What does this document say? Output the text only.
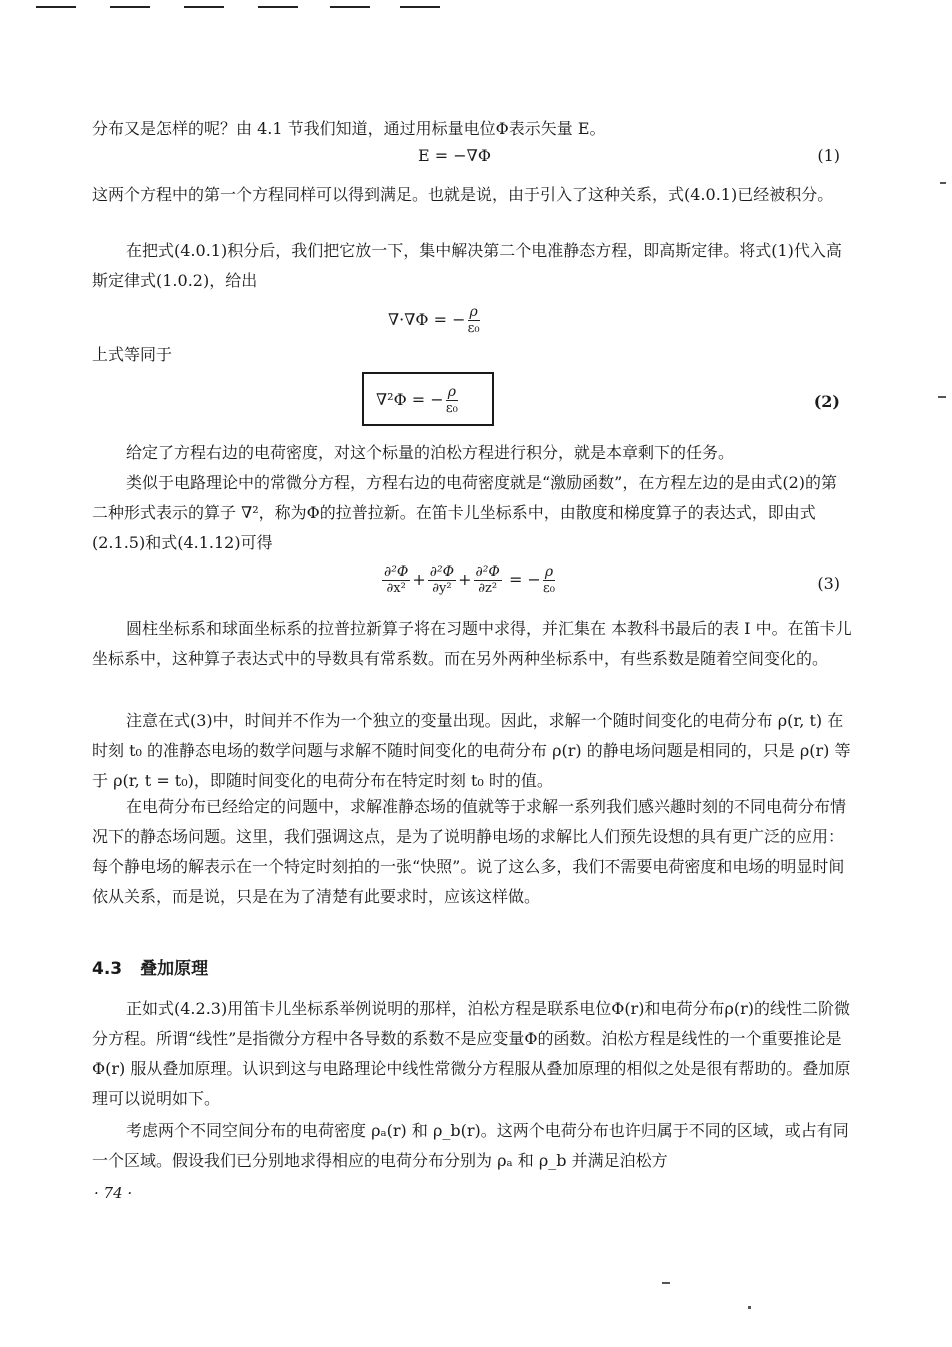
分布又是怎样的呢？由 4.1 节我们知道，通过用标量电位Φ表示矢量 E。

E = −∇Φ	(1)

这两个方程中的第一个方程同样可以得到满足。也就是说，由于引入了这种关系，式(4.0.1)已经被积分。

在把式(4.0.1)积分后，我们把它放一下，集中解决第二个电准静态方程，即高斯定律。将式(1)代入高斯定律式(1.0.2)，给出

∇·∇Φ = − $\frac{\rho}{\text{ε₀}}$

上式等同于

∇²Φ = − $\frac{\rho}{\text{ε₀}}$	(2)

给定了方程右边的电荷密度，对这个标量的泊松方程进行积分，就是本章剩下的任务。

类似于电路理论中的常微分方程，方程右边的电荷密度就是“激励函数”，在方程左边的是由式(2)的第二种形式表示的算子 ∇²，称为Φ的拉普拉新。在笛卡儿坐标系中，由散度和梯度算子的表达式，即由式(2.1.5)和式(4.1.12)可得

$\frac{\text{∂²Φ}}{\text{∂x²}} + \frac{\text{∂²Φ}}{\text{∂y²}} + \frac{\text{∂²Φ}}{\text{∂z²}}$ = − $\frac{\rho}{\text{ε₀}}$	(3)

圆柱坐标系和球面坐标系的拉普拉新算子将在习题中求得，并汇集在 本教科书最后的表 I 中。在笛卡儿坐标系中，这种算子表达式中的导数具有常系数。而在另外两种坐标系中，有些系数是随着空间变化的。

注意在式(3)中，时间并不作为一个独立的变量出现。因此，求解一个随时间变化的电荷分布 ρ(r, t) 在时刻 t₀ 的准静态电场的数学问题与求解不随时间变化的电荷分布 ρ(r) 的静电场问题是相同的，只是 ρ(r) 等于 ρ(r, t = t₀)，即随时间变化的电荷分布在特定时刻 t₀ 时的值。

在电荷分布已经给定的问题中，求解准静态场的值就等于求解一系列我们感兴趣时刻的不同电荷分布情况下的静态场问题。这里，我们强调这点，是为了说明静电场的求解比人们预先设想的具有更广泛的应用：每个静电场的解表示在一个特定时刻拍的一张“快照”。说了这么多，我们不需要电荷密度和电场的明显时间依从关系，而是说，只是在为了清楚有此要求时，应该这样做。

4.3 叠加原理

正如式(4.2.3)用笛卡儿坐标系举例说明的那样，泊松方程是联系电位Φ(r)和电荷分布ρ(r)的线性二阶微分方程。所谓“线性”是指微分方程中各导数的系数不是应变量Φ的函数。泊松方程是线性的一个重要推论是 Φ(r) 服从叠加原理。认识到这与电路理论中线性常微分方程服从叠加原理的相似之处是很有帮助的。叠加原理可以说明如下。

考虑两个不同空间分布的电荷密度 ρₐ(r) 和 ρ_b(r)。这两个电荷分布也许归属于不同的区域，或占有同一个区域。假设我们已分别地求得相应的电荷分布分别为 ρₐ 和 ρ_b 并满足泊松方

· 74 ·
